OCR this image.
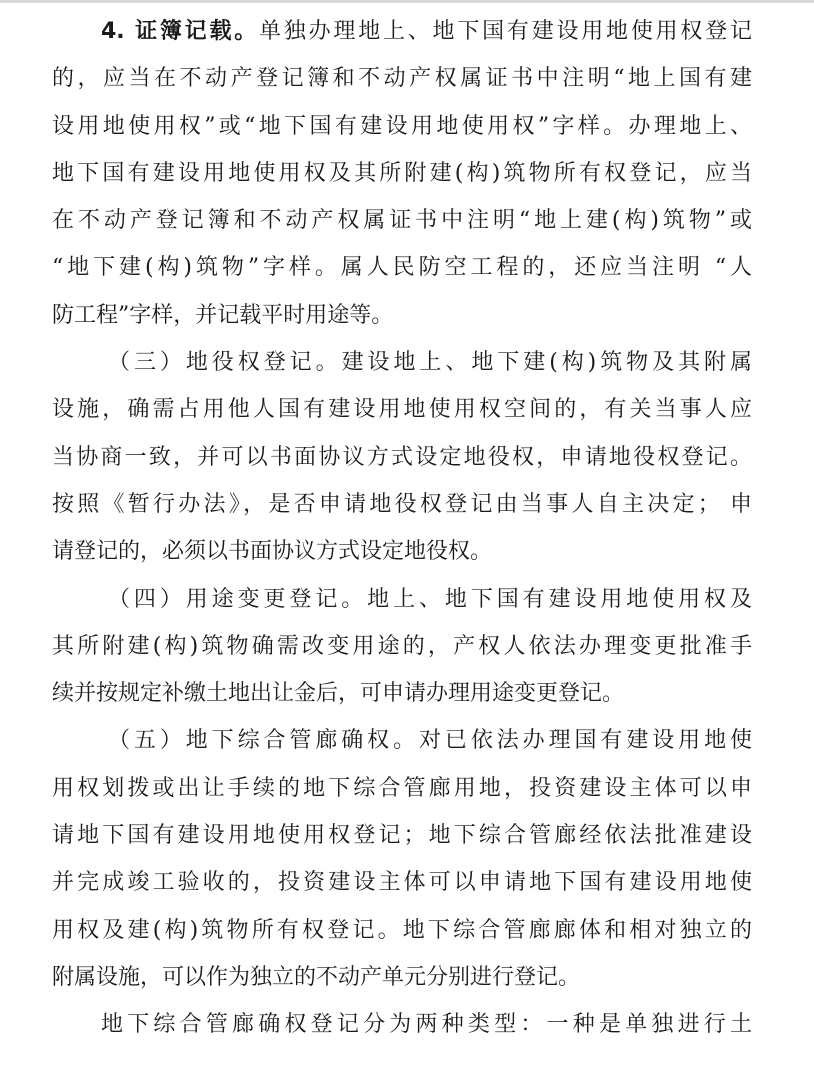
4. 证簿记载。单独办理地上、地下国有建设用地使用权登记
的，应当在不动产登记簿和不动产权属证书中注明“地上国有建
设用地使用权”或“地下国有建设用地使用权”字样。办理地上、
地下国有建设用地使用权及其所附建(构)筑物所有权登记，应当
在不动产登记簿和不动产权属证书中注明“地上建(构)筑物”或
“地下建(构)筑物”字样。属人民防空工程的，还应当注明 “人
防工程”字样，并记载平时用途等。
（三）地役权登记。建设地上、地下建(构)筑物及其附属
设施，确需占用他人国有建设用地使用权空间的，有关当事人应
当协商一致，并可以书面协议方式设定地役权，申请地役权登记。
按照《暂行办法》，是否申请地役权登记由当事人自主决定； 申
请登记的，必须以书面协议方式设定地役权。
（四）用途变更登记。地上、地下国有建设用地使用权及
其所附建(构)筑物确需改变用途的，产权人依法办理变更批准手
续并按规定补缴土地出让金后，可申请办理用途变更登记。
（五）地下综合管廊确权。对已依法办理国有建设用地使
用权划拨或出让手续的地下综合管廊用地，投资建设主体可以申
请地下国有建设用地使用权登记；地下综合管廊经依法批准建设
并完成竣工验收的，投资建设主体可以申请地下国有建设用地使
用权及建(构)筑物所有权登记。地下综合管廊廊体和相对独立的
附属设施，可以作为独立的不动产单元分别进行登记。
地下综合管廊确权登记分为两种类型：一种是单独进行土
